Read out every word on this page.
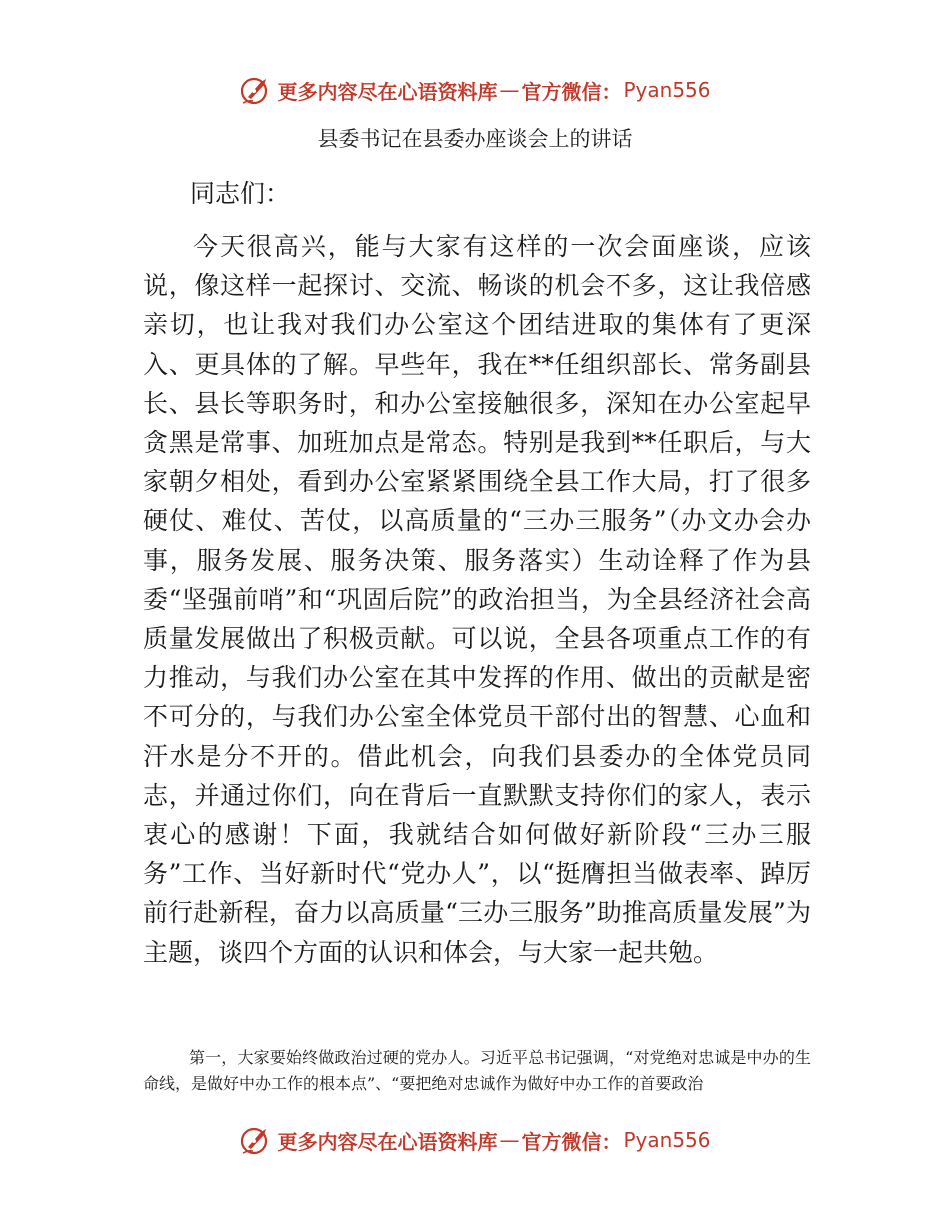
更多内容尽在心语资料库 — 官方微信： Pyan556
县委书记在县委办座谈会上的讲话
同志们：

今天很高兴，能与大家有这样的一次会面座谈，应该说，像这样一起探讨、交流、畅谈的机会不多，这让我倍感亲切，也让我对我们办公室这个团结进取的集体有了更深入、更具体的了解。早些年，我在**任组织部长、常务副县长、县长等职务时，和办公室接触很多，深知在办公室起早贪黑是常事、加班加点是常态。特别是我到**任职后，与大家朝夕相处，看到办公室紧紧围绕全县工作大局，打了很多硬仗、难仗、苦仗，以高质量的“三办三服务”（办文办会办事，服务发展、服务决策、服务落实）生动诠释了作为县委“坚强前哨”和“巩固后院”的政治担当，为全县经济社会高质量发展做出了积极贡献。可以说，全县各项重点工作的有力推动，与我们办公室在其中发挥的作用、做出的贡献是密不可分的，与我们办公室全体党员干部付出的智慧、心血和汗水是分不开的。借此机会，向我们县委办的全体党员同志，并通过你们，向在背后一直默默支持你们的家人，表示衷心的感谢！下面，我就结合如何做好新阶段“三办三服务”工作、当好新时代“党办人”，以“挺膺担当做表率、踔厉前行赴新程，奋力以高质量“三办三服务”助推高质量发展”为主题，谈四个方面的认识和体会，与大家一起共勉。

第一，大家要始终做政治过硬的党办人。习近平总书记强调，“对党绝对忠诚是中办的生命线，是做好中办工作的根本点”、“要把绝对忠诚作为做好中办工作的首要政治

更多内容尽在心语资料库 — 官方微信： Pyan556
